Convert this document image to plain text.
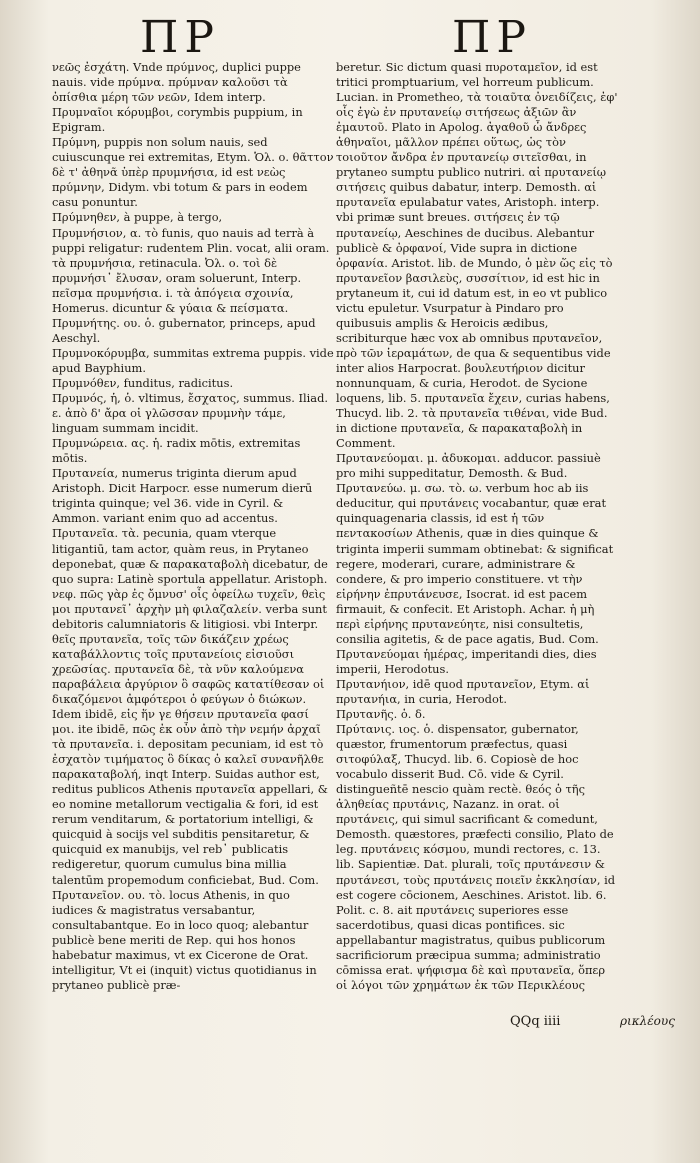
ΠΡ	ΠΡ

νεῶς ἐσχάτη. Vnde πρύμνος, duplici puppe nauis. vide πρύμνα. πρύμναν καλοῦσι τὰ ὀπίσθια μέρη τῶν νεῶν, Idem interp.

Πρυμναῖοι κόρυμβοι, corymbis puppium, in Epigram.

Πρύμνη, puppis non solum nauis, sed cuiuscunque rei extremitas, Etym. Ὁλ. ο. θᾶττον δὲ τ' ἀθηνᾶ ὑπὲρ πρυμνήσια, id est νεὼς πρύμνην, Didym. vbi totum & pars in eodem casu ponuntur.

Πρύμνηθεν, à puppe, à tergo,

Πρυμνήσιον, α. τὸ funis, quo nauis ad terrà à puppi religatur: rudentem Plin. vocat, alii oram. τὰ πρυμνήσια, retinacula. Ὀλ. ο. τοὶ δὲ πρυμνήσι᾽ ἔλυσαν, oram soluerunt, Interp. πεῖσμα πρυμνήσια. i. τὰ ἀπόγεια σχοινία, Homerus. dicuntur & γύαια & πείσματα.

Πρυμνήτης. ου. ὁ. gubernator, princeps, apud Aeschyl.

Πρυμνοκόρυμβα, summitas extrema puppis. vide apud Bayphium.

Πρυμνόθεν, funditus, radicitus.

Πρυμνός, ἡ, ὁ. vltimus, ἔσχατος, summus. Iliad. ε. ἀπὸ δ' ἄρα οἱ γλῶσσαν πρυμνὴν τάμε, linguam summam incidit.

Πρυμνώρεια. ας. ἡ. radix mōtis, extremitas mōtis.

Πρυτανεία, numerus triginta dierum apud Aristoph. Dicit Harpocr. esse numerum dierū triginta quinque; vel 36. vide in Cyril. & Ammon. variant enim quo ad accentus.

Πρυτανεῖα. τὰ. pecunia, quam vterque litigantiū, tam actor, quàm reus, in Prytaneo deponebat, quæ & παρακαταβολὴ dicebatur, de quo supra: Latinè sportula appellatur. Aristoph. νεφ. πῶς γὰρ ἐς ὄμνυσ' οἷς ὀφείλω τυχεῖν, θεὶς μοι πρυτανεῖ᾽ ἀρχὴν μὴ φιλαζαλείν. verba sunt debitoris calumniatoris & litigiosi. vbi Interpr. θεῖς πρυτανεῖα, τοῖς τῶν δικάζειν χρέως καταβάλλοντις τοῖς πρυτανείοις εἰσιοῦσι χρεῶσίας. πρυτανεῖα δὲ, τὰ νῦν καλούμενα παραβάλεια ἀργύριον ὃ σαφῶς κατατίθεσαν οἱ δικαζόμενοι ἀμφότεροι ὁ φεύγων ὁ διώκων. Idem ibidē, εἰς ἥν γε θήσειν πρυτανεῖα φασί μοι. ite ibidē, πῶς ἐκ οὖν ἀπὸ τὴν νεμήν ἀρχαῖ τὰ πρυτανεῖα. i. depositam pecuniam, id est τὸ ἐσχατὸν τιμήματος ὃ δίκας ὁ καλεῖ συνανῆλθε παρακαταβολή, inqt Interp. Suidas author est, reditus publicos Athenis πρυτανεῖα appellari, & eo nomine metallorum vectigalia & fori, id est rerum venditarum, & portatorium intelligi, & quicquid à socijs vel subditis pensitaretur, & quicquid ex manubijs, vel reb᾿ publicatis redigeretur, quorum cumulus bina millia talentūm propemodum conficiebat, Bud. Com.

Πρυτανεῖον. ου. τὸ. locus Athenis, in quo iudices & magistratus versabantur, consultabantque. Eo in loco quoq; alebantur publicè bene meriti de Rep. qui hos honos habebatur maximus, vt ex Cicerone de Orat. intelligitur, Vt ei (inquit) victus quotidianus in prytaneo publicè præ-

beretur. Sic dictum quasi πυροταμεῖον, id est tritici promptuarium, vel horreum publicum. Lucian. in Prometheo, τὰ τοιαῦτα ὀνειδίζεις, ἐφ' οἷς ἐγὼ ἐν πρυτανείῳ σιτήσεως ἀξιῶν ἂν ἐμαυτοῦ. Plato in Apolog. ἀγαθοῦ ὦ ἄνδρες ἀθηναῖοι, μᾶλλον πρέπει οὕτως, ὡς τὸν τοιοῦτον ἄνδρα ἐν πρυτανείῳ σιτεῖσθαι, in prytaneo sumptu publico nutriri. αἱ πρυτανείῳ σιτήσεις quibus dabatur, interp. Demosth. αἱ πρυτανεῖα epulabatur vates, Aristoph. interp. vbi primæ sunt breues. σιτήσεις ἐν τῷ πρυτανείῳ, Aeschines de ducibus. Alebantur publicè & ὀρφανοί, Vide supra in dictione ὀρφανία. Aristot. lib. de Mundo, ὁ μὲν ὥς εἰς τὸ πρυτανεῖον βασιλεὺς, συσσίτιον, id est hic in prytaneum it, cui id datum est, in eo vt publico victu epuletur. Vsurpatur à Pindaro pro quibusuis amplis & Heroicis ædibus, scribiturque hæc vox ab omnibus πρυτανεῖον, πρὸ τῶν ἱεραμάτων, de qua & sequentibus vide inter alios Harpocrat. βουλευτήριον dicitur nonnunquam, & curia, Herodot. de Sycione loquens, lib. 5. πρυτανεῖα ἔχειν, curias habens, Thucyd. lib. 2. τὰ πρυτανεῖα τιθέναι, vide Bud. in dictione πρυτανεῖα, & παρακαταβολὴ in Comment.

Πρυτανεύομαι. μ. ἀδυκομαι. adducor. passiuè pro mihi suppeditatur, Demosth. & Bud.

Πρυτανεύω. μ. σω. τὸ. ω. verbum hoc ab iis deducitur, qui πρυτάνεις vocabantur, quæ erat quinquagenaria classis, id est ἡ τῶν πεντακοσίων Athenis, quæ in dies quinque & triginta imperii summam obtinebat: & significat regere, moderari, curare, administrare & condere, & pro imperio constituere. vt τὴν εἰρήνην ἐπρυτάνευσε, Isocrat. id est pacem firmauit, & confecit. Et Aristoph. Achar. ἡ μὴ περὶ εἰρήνης πρυτανεύητε, nisi consultetis, consilia agitetis, & de pace agatis, Bud. Com.

Πρυτανεύομαι ἡμέρας, imperitandi dies, dies imperii, Herodotus.

Πρυτανήιον, idē quod πρυτανεῖον, Etym. αἱ πρυτανήια, in curia, Herodot.

Πρυτανῆς. ὁ. δ.

Πρύτανις. ιος. ὁ. dispensator, gubernator, quæstor, frumentorum præfectus, quasi σιτοφύλαξ, Thucyd. lib. 6. Copiosè de hoc vocabulo disserit Bud. Cō. vide & Cyril. distingueñtē nescio quàm rectè. θεός ὁ τῆς ἀληθείας πρυτάνις, Nazanz. in orat. οἱ πρυτάνεις, qui simul sacrificant & comedunt, Demosth. quæstores, præfecti consilio, Plato de leg. πρυτάνεις κόσμου, mundi rectores, c. 13. lib. Sapientiæ. Dat. plurali, τοῖς πρυτάνεσιν & πρυτάνεσι, τοὺς πρυτάνεις ποιεῖν ἐκκλησίαν, id est cogere cōcionem, Aeschines. Aristot. lib. 6. Polit. c. 8. ait πρυτάνεις superiores esse sacerdotibus, quasi dicas pontifices. sic appellabantur magistratus, quibus publicorum sacrificiorum præcipua summa; administratio cōmissa erat. ψήφισμα δὲ καὶ πρυτανεῖα, ὅπερ οἱ λόγοι τῶν χρημάτων ἐκ τῶν Περικλέους

QQq iiii	ρικλέους
